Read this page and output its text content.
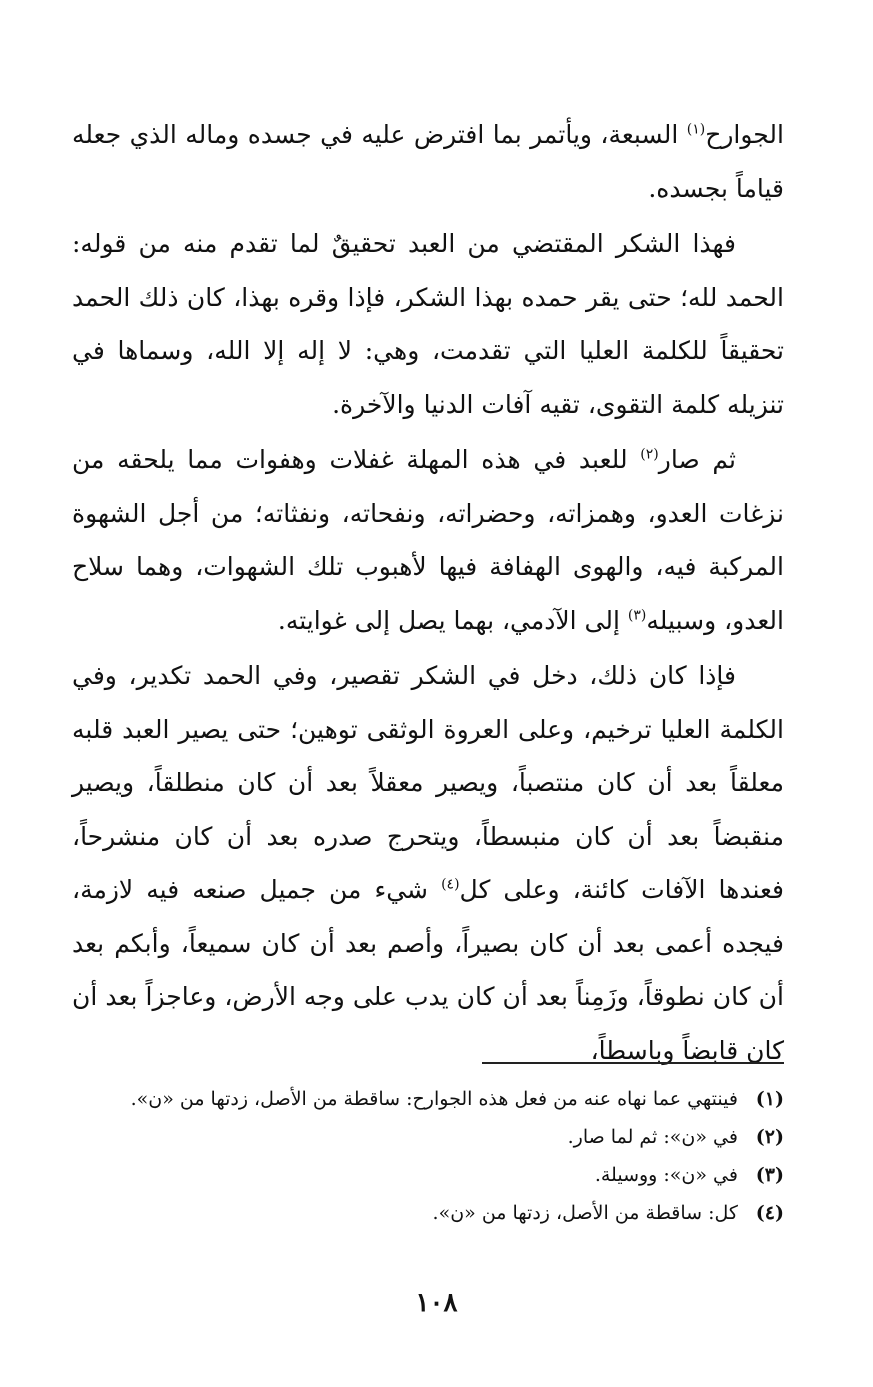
الجوارح$^{(١)}$ السبعة، ويأتمر بما افترض عليه في جسده وماله الذي جعله قياماً بجسده.

فهذا الشكر المقتضي من العبد تحقيقٌ لما تقدم منه من قوله: الحمد لله؛ حتى يقر حمده بهذا الشكر، فإذا وقره بهذا، كان ذلك الحمد تحقيقاً للكلمة العليا التي تقدمت، وهي: لا إله إلا الله، وسماها في تنزيله كلمة التقوى، تقيه آفات الدنيا والآخرة.

ثم صار$^{(٢)}$ للعبد في هذه المهلة غفلات وهفوات مما يلحقه من نزغات العدو، وهمزاته، وحضراته، ونفحاته، ونفثاته؛ من أجل الشهوة المركبة فيه، والهوى الهفافة فيها لأهبوب تلك الشهوات، وهما سلاح العدو، وسبيله$^{(٣)}$ إلى الآدمي، بهما يصل إلى غوايته.

فإذا كان ذلك، دخل في الشكر تقصير، وفي الحمد تكدير، وفي الكلمة العليا ترخيم، وعلى العروة الوثقى توهين؛ حتى يصير العبد قلبه معلقاً بعد أن كان منتصباً، ويصير معقلاً بعد أن كان منطلقاً، ويصير منقبضاً بعد أن كان منبسطاً، ويتحرج صدره بعد أن كان منشرحاً، فعندها الآفات كائنة، وعلى كل$^{(٤)}$ شيء من جميل صنعه فيه لازمة، فيجده أعمى بعد أن كان بصيراً، وأصم بعد أن كان سميعاً، وأبكم بعد أن كان نطوقاً، وزَمِناً بعد أن كان يدب على وجه الأرض، وعاجزاً بعد أن كان قابضاً وباسطاً،

(١) فينتهي عما نهاه عنه من فعل هذه الجوارح: ساقطة من الأصل، زدتها من «ن».

(٢) في «ن»: ثم لما صار.

(٣) في «ن»: ووسيلة.

(٤) كل: ساقطة من الأصل، زدتها من «ن».

١٠٨
